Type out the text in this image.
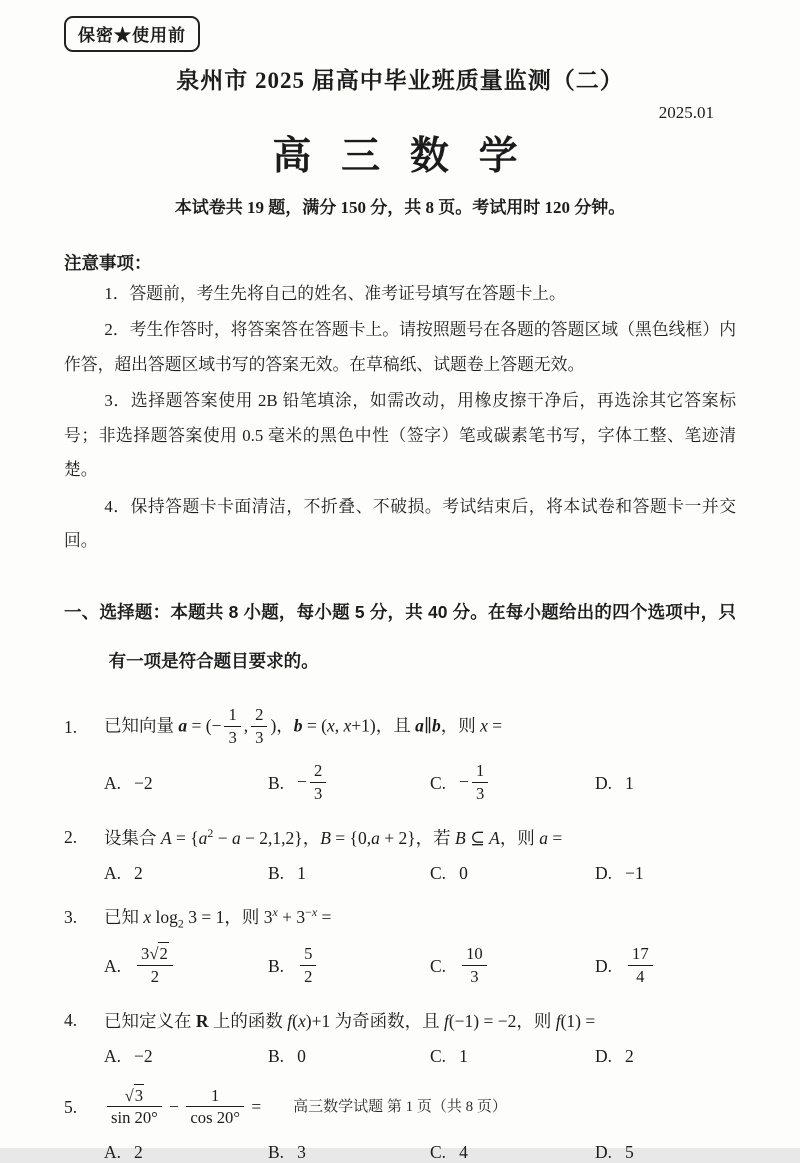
保密★使用前
泉州市 2025 届高中毕业班质量监测（二）
2025.01
高 三 数 学
本试卷共 19 题，满分 150 分，共 8 页。考试用时 120 分钟。
注意事项：
1．答题前，考生先将自己的姓名、准考证号填写在答题卡上。
2．考生作答时，将答案答在答题卡上。请按照题号在各题的答题区域（黑色线框）内作答，超出答题区域书写的答案无效。在草稿纸、试题卷上答题无效。
3．选择题答案使用 2B 铅笔填涂，如需改动，用橡皮擦干净后，再选涂其它答案标号；非选择题答案使用 0.5 毫米的黑色中性（签字）笔或碳素笔书写，字体工整、笔迹清楚。
4．保持答题卡卡面清洁，不折叠、不破损。考试结束后，将本试卷和答题卡一并交回。
一、选择题：本题共 8 小题，每小题 5 分，共 40 分。在每小题给出的四个选项中，只有一项是符合题目要求的。
1.	已知向量 a = (− $\frac{1}{3}$ , $\frac{2}{3}$ )，b = (x, x+1)，且 a∥b，则 x =
A. −2	B. − $\frac{2}{3}$	C. − $\frac{1}{3}$	D. 1
2.	设集合 $A = \{a^2 - a - 2,1,2\}$，B = {0,a + 2}，若 B ⊆ A，则 a =
A. 2	B. 1	C. 0	D. −1
3.	已知 x $\log_2 3 = 1$，则 $3^x + 3^{-x}$ =
A. $\frac{3√2}{2}$	B. $\frac{5}{2}$	C. $\frac{10}{3}$	D. $\frac{17}{4}$
4.	已知定义在 R 上的函数 f(x)+1 为奇函数，且 f(−1) = −2，则 f(1) =
A. −2	B. 0	C. 1	D. 2
5.	$\frac{√3}{\sin 20^\circ} - \frac{1}{\cos 20^\circ}$ =
A. 2	B. 3	C. 4	D. 5
高三数学试题 第 1 页（共 8 页）
